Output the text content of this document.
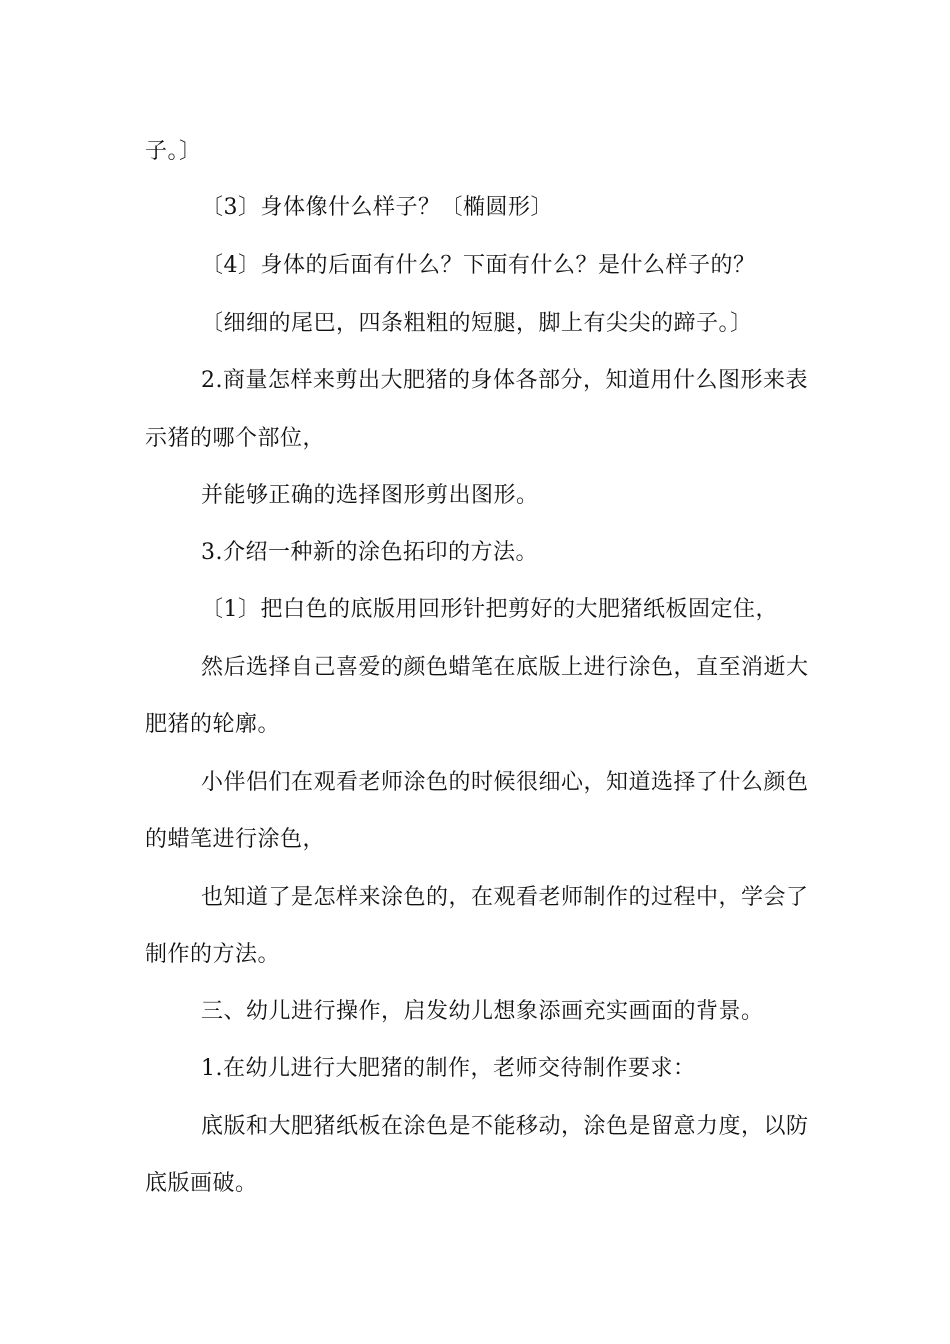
子。〕
〔3〕身体像什么样子？〔椭圆形〕
〔4〕身体的后面有什么？下面有什么？是什么样子的？
〔细细的尾巴，四条粗粗的短腿，脚上有尖尖的蹄子。〕
2.商量怎样来剪出大肥猪的身体各部分，知道用什么图形来表
示猪的哪个部位，
并能够正确的选择图形剪出图形。
3.介绍一种新的涂色拓印的方法。
〔1〕把白色的底版用回形针把剪好的大肥猪纸板固定住，
然后选择自己喜爱的颜色蜡笔在底版上进行涂色，直至消逝大
肥猪的轮廓。
小伴侣们在观看老师涂色的时候很细心，知道选择了什么颜色
的蜡笔进行涂色，
也知道了是怎样来涂色的，在观看老师制作的过程中，学会了
制作的方法。
三、幼儿进行操作，启发幼儿想象添画充实画面的背景。
1.在幼儿进行大肥猪的制作，老师交待制作要求：
底版和大肥猪纸板在涂色是不能移动，涂色是留意力度，以防
底版画破。
